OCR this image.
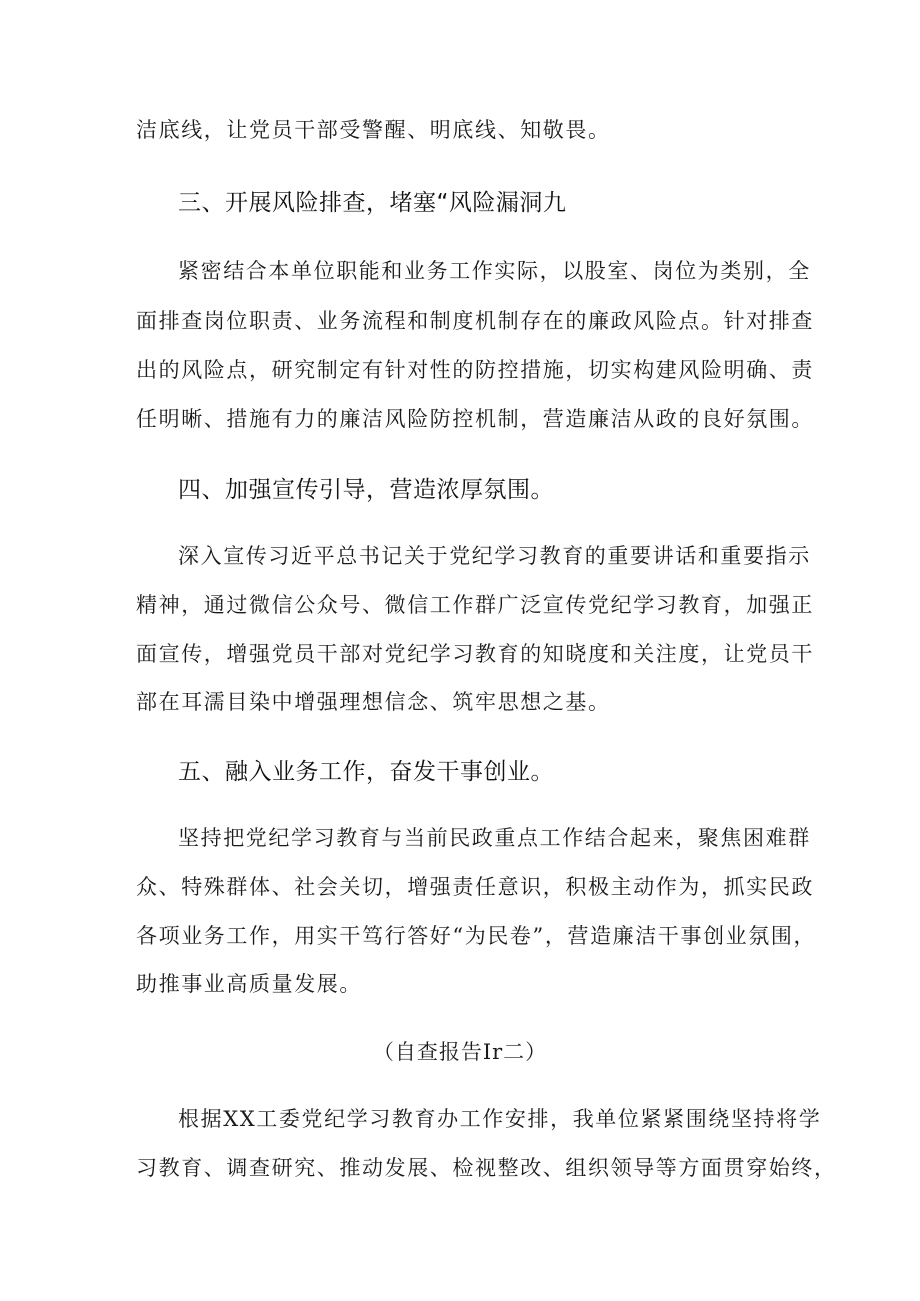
洁底线，让党员干部受警醒、明底线、知敬畏。
三、开展风险排查，堵塞“风险漏洞九
紧密结合本单位职能和业务工作实际，以股室、岗位为类别，全
面排查岗位职责、业务流程和制度机制存在的廉政风险点。针对排查
出的风险点，研究制定有针对性的防控措施，切实构建风险明确、责
任明晰、措施有力的廉洁风险防控机制，营造廉洁从政的良好氛围。
四、加强宣传引导，营造浓厚氛围。
深入宣传习近平总书记关于党纪学习教育的重要讲话和重要指示
精神，通过微信公众号、微信工作群广泛宣传党纪学习教育，加强正
面宣传，增强党员干部对党纪学习教育的知晓度和关注度，让党员干
部在耳濡目染中增强理想信念、筑牢思想之基。
五、融入业务工作，奋发干事创业。
坚持把党纪学习教育与当前民政重点工作结合起来，聚焦困难群
众、特殊群体、社会关切，增强责任意识，积极主动作为，抓实民政
各项业务工作，用实干笃行答好“为民卷”，营造廉洁干事创业氛围，
助推事业高质量发展。
（自查报告Ir二）
根据XX工委党纪学习教育办工作安排，我单位紧紧围绕坚持将学
习教育、调查研究、推动发展、检视整改、组织领导等方面贯穿始终，
